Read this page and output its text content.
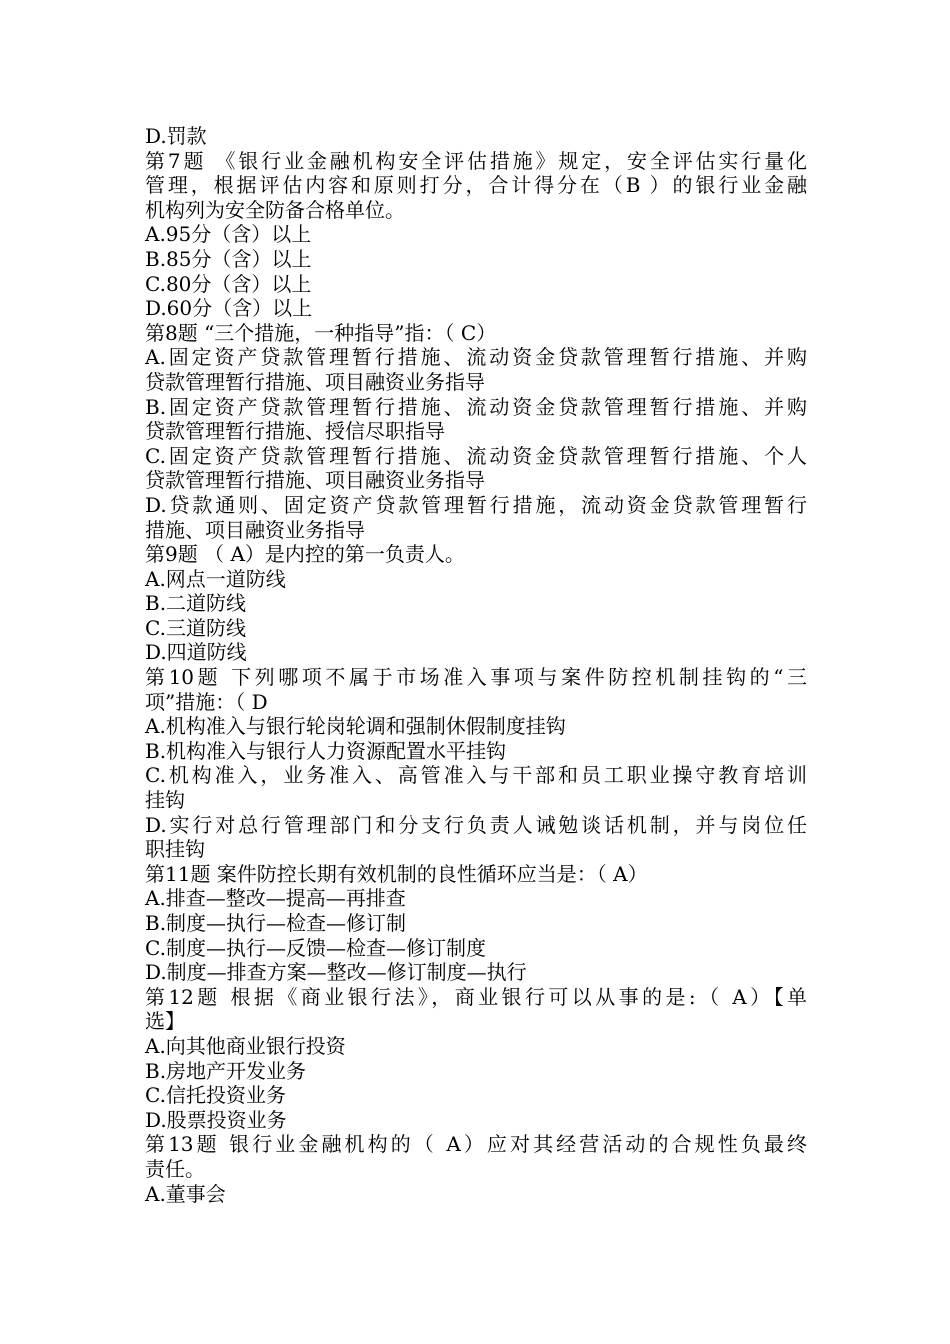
D.罚款

第7题 《银行业金融机构安全评估措施》规定，安全评估实行量化

管理，根据评估内容和原则打分，合计得分在（B ）的银行业金融

机构列为安全防备合格单位。

A.95分（含）以上

B.85分（含）以上

C.80分（含）以上

D.60分（含）以上

第8题 “三个措施，一种指导”指：（ C）

A.固定资产贷款管理暂行措施、流动资金贷款管理暂行措施、并购

贷款管理暂行措施、项目融资业务指导

B.固定资产贷款管理暂行措施、流动资金贷款管理暂行措施、并购

贷款管理暂行措施、授信尽职指导

C.固定资产贷款管理暂行措施、流动资金贷款管理暂行措施、个人

贷款管理暂行措施、项目融资业务指导

D.贷款通则、固定资产贷款管理暂行措施，流动资金贷款管理暂行

措施、项目融资业务指导

第9题 （ A）是内控的第一负责人。

A.网点一道防线

B.二道防线

C.三道防线

D.四道防线

第10题 下列哪项不属于市场准入事项与案件防控机制挂钩的“三

项”措施：（ D

A.机构准入与银行轮岗轮调和强制休假制度挂钩

B.机构准入与银行人力资源配置水平挂钩

C.机构准入，业务准入、高管准入与干部和员工职业操守教育培训

挂钩

D.实行对总行管理部门和分支行负责人诫勉谈话机制，并与岗位任

职挂钩

第11题 案件防控长期有效机制的良性循环应当是：（ A）

A.排查—整改—提高—再排查

B.制度—执行—检查—修订制

C.制度—执行—反馈—检查—修订制度

D.制度—排查方案—整改—修订制度—执行

第12题 根据《商业银行法》，商业银行可以从事的是:（ A）【单

选】

A.向其他商业银行投资

B.房地产开发业务

C.信托投资业务

D.股票投资业务

第13题 银行业金融机构的（ A）应对其经营活动的合规性负最终

责任。

A.董事会
